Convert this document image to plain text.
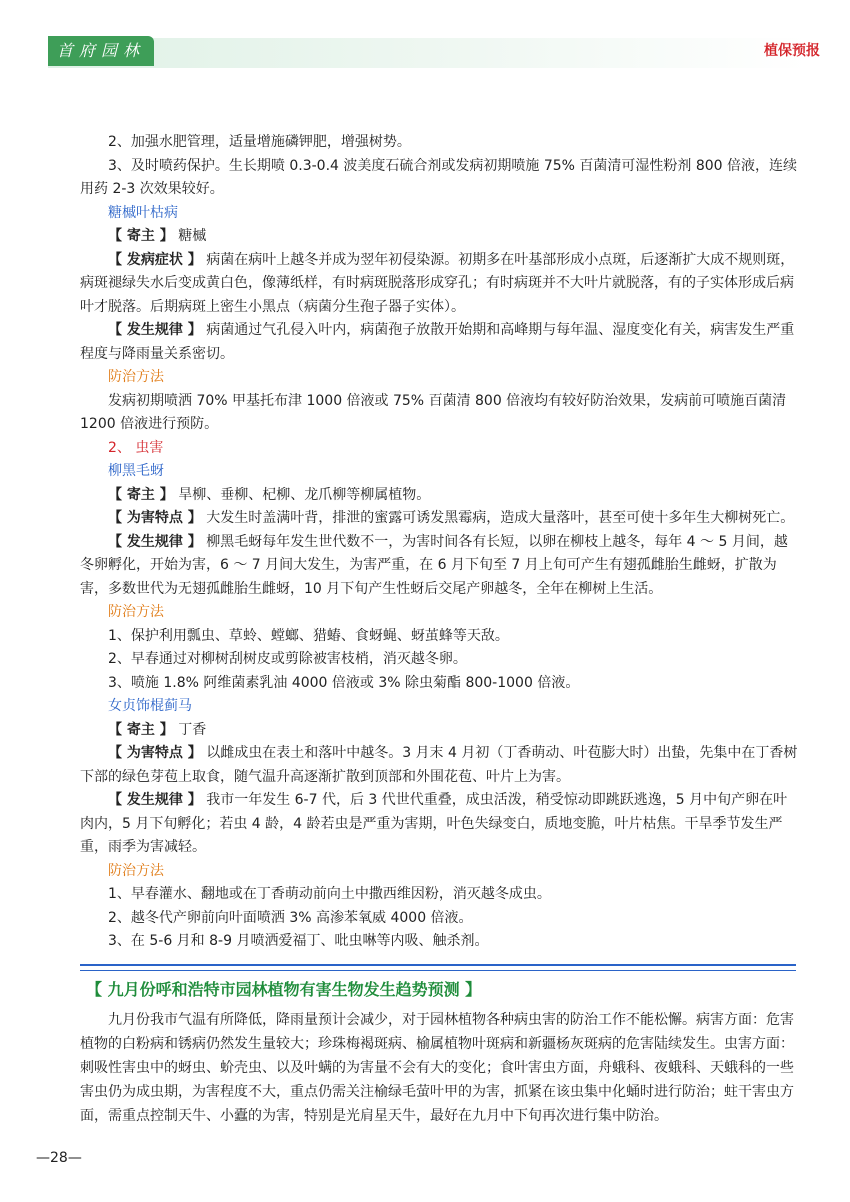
首府园林	植保预报

2、加强水肥管理，适量增施磷钾肥，增强树势。

3、及时喷药保护。生长期喷 0.3-0.4 波美度石硫合剂或发病初期喷施 75% 百菌清可湿性粉剂 800 倍液，连续用药 2-3 次效果较好。

糖槭叶枯病

【 寄主 】 糖槭

【 发病症状 】 病菌在病叶上越冬并成为翌年初侵染源。初期多在叶基部形成小点斑，后逐渐扩大成不规则斑，病斑褪绿失水后变成黄白色，像薄纸样，有时病斑脱落形成穿孔；有时病斑并不大叶片就脱落，有的子实体形成后病叶才脱落。后期病斑上密生小黑点（病菌分生孢子器子实体）。

【 发生规律 】 病菌通过气孔侵入叶内，病菌孢子放散开始期和高峰期与每年温、湿度变化有关，病害发生严重程度与降雨量关系密切。

防治方法

发病初期喷洒 70% 甲基托布津 1000 倍液或 75% 百菌清 800 倍液均有较好防治效果，发病前可喷施百菌清 1200 倍液进行预防。

2、 虫害

柳黑毛蚜

【 寄主 】 旱柳、垂柳、杞柳、龙爪柳等柳属植物。

【 为害特点 】 大发生时盖满叶背，排泄的蜜露可诱发黑霉病，造成大量落叶，甚至可使十多年生大柳树死亡。

【 发生规律 】 柳黑毛蚜每年发生世代数不一，为害时间各有长短，以卵在柳枝上越冬，每年 4 ～ 5 月间，越冬卵孵化，开始为害，6 ～ 7 月间大发生，为害严重，在 6 月下旬至 7 月上旬可产生有翅孤雌胎生雌蚜，扩散为害，多数世代为无翅孤雌胎生雌蚜，10 月下旬产生性蚜后交尾产卵越冬，全年在柳树上生活。

防治方法

1、保护利用瓢虫、草蛉、螳螂、猎蝽、食蚜蝇、蚜茧蜂等天敌。

2、早春通过对柳树刮树皮或剪除被害枝梢，消灭越冬卵。

3、喷施 1.8% 阿维菌素乳油 4000 倍液或 3% 除虫菊酯 800-1000 倍液。

女贞饰棍蓟马

【 寄主 】 丁香

【 为害特点 】 以雌成虫在表土和落叶中越冬。3 月末 4 月初（丁香萌动、叶苞膨大时）出蛰，先集中在丁香树下部的绿色芽苞上取食，随气温升高逐渐扩散到顶部和外围花苞、叶片上为害。

【 发生规律 】 我市一年发生 6-7 代，后 3 代世代重叠，成虫活泼，稍受惊动即跳跃逃逸，5 月中旬产卵在叶肉内，5 月下旬孵化；若虫 4 龄，4 龄若虫是严重为害期，叶色失绿变白，质地变脆，叶片枯焦。干旱季节发生严重，雨季为害减轻。

防治方法

1、早春灌水、翻地或在丁香萌动前向土中撒西维因粉，消灭越冬成虫。

2、越冬代产卵前向叶面喷洒 3% 高渗苯氧威 4000 倍液。

3、在 5-6 月和 8-9 月喷洒爱福丁、吡虫啉等内吸、触杀剂。

【 九月份呼和浩特市园林植物有害生物发生趋势预测 】

九月份我市气温有所降低，降雨量预计会减少，对于园林植物各种病虫害的防治工作不能松懈。病害方面：危害植物的白粉病和锈病仍然发生量较大；珍珠梅褐斑病、榆属植物叶斑病和新疆杨灰斑病的危害陆续发生。虫害方面：刺吸性害虫中的蚜虫、蚧壳虫、以及叶螨的为害量不会有大的变化；食叶害虫方面，舟蛾科、夜蛾科、天蛾科的一些害虫仍为成虫期，为害程度不大，重点仍需关注榆绿毛萤叶甲的为害，抓紧在该虫集中化蛹时进行防治；蛀干害虫方面，需重点控制天牛、小蠹的为害，特别是光肩星天牛，最好在九月中下旬再次进行集中防治。

—28—
